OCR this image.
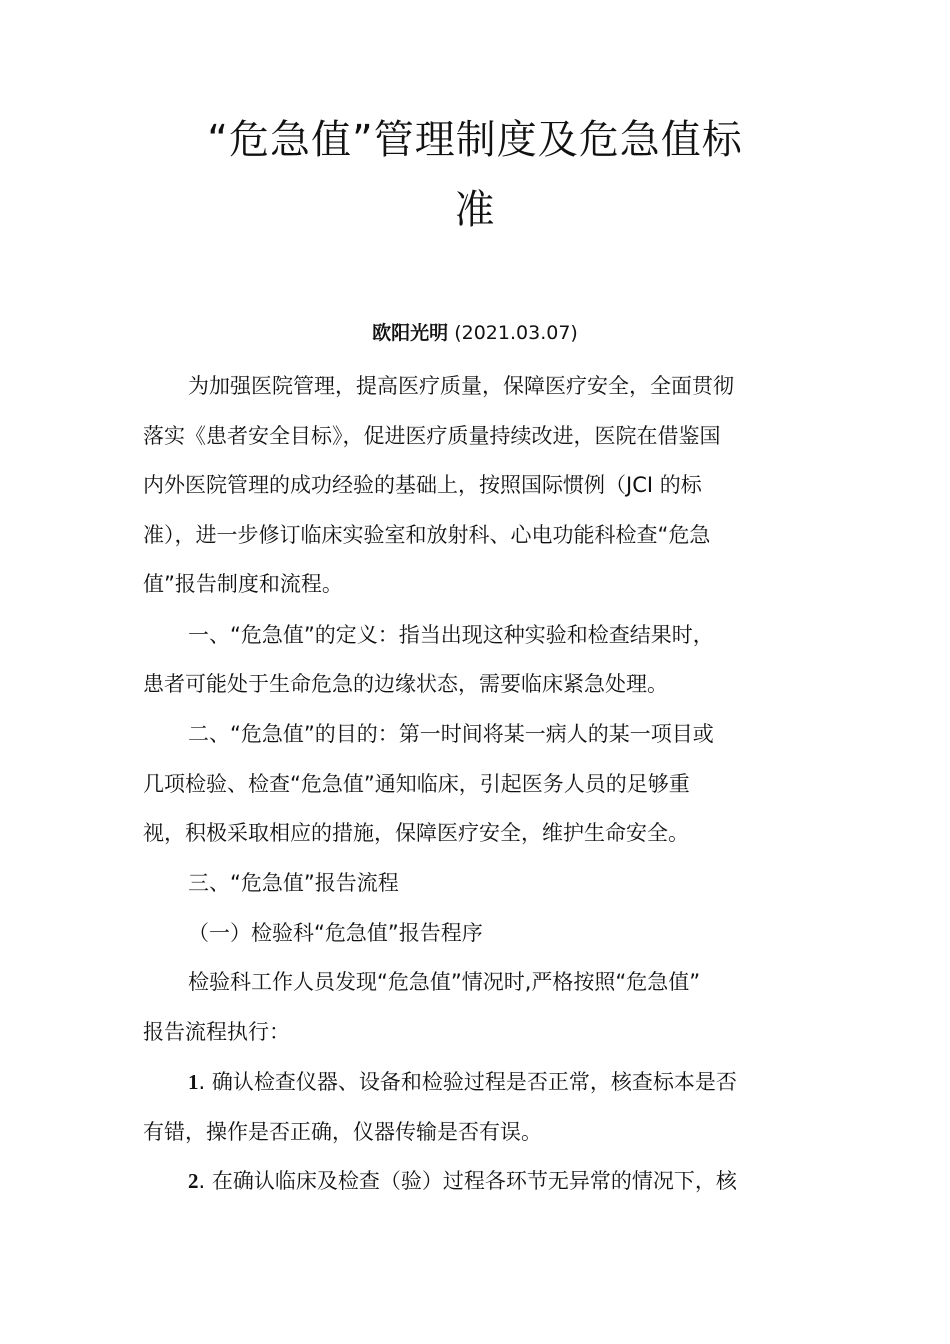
“危急值”管理制度及危急值标
准
欧阳光明 (2021.03.07)
为加强医院管理，提高医疗质量，保障医疗安全，全面贯彻
落实《患者安全目标》，促进医疗质量持续改进，医院在借鉴国
内外医院管理的成功经验的基础上，按照国际惯例（JCI 的标
准），进一步修订临床实验室和放射科、心电功能科检查“危急
值”报告制度和流程。
一、“危急值”的定义：指当出现这种实验和检查结果时，
患者可能处于生命危急的边缘状态，需要临床紧急处理。
二、“危急值”的目的：第一时间将某一病人的某一项目或
几项检验、检查“危急值”通知临床，引起医务人员的足够重
视，积极采取相应的措施，保障医疗安全，维护生命安全。
三、“危急值”报告流程
（一）检验科“危急值”报告程序
检验科工作人员发现“危急值”情况时,严格按照“危急值”
报告流程执行：
1. 确认检查仪器、设备和检验过程是否正常，核查标本是否
有错，操作是否正确，仪器传输是否有误。
2. 在确认临床及检查（验）过程各环节无异常的情况下，核
